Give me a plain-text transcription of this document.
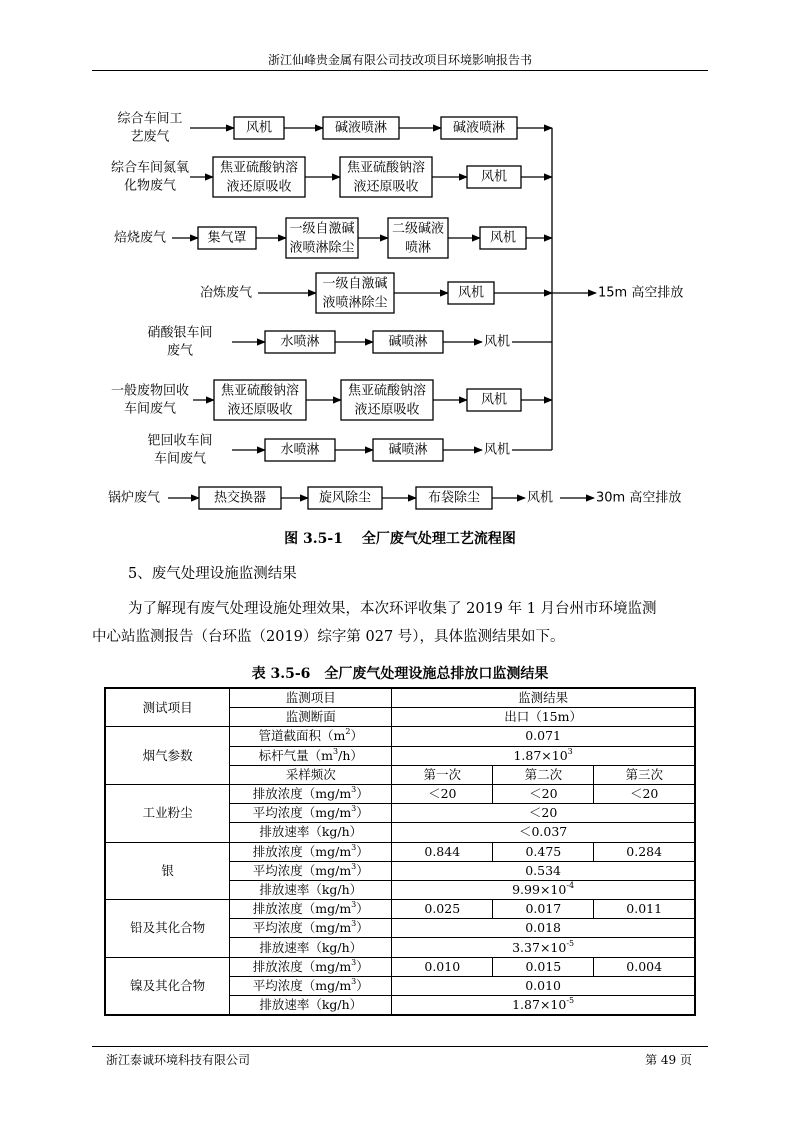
浙江仙峰贵金属有限公司技改项目环境影响报告书
综合车间工
艺废气
风机	碱液喷淋	碱液喷淋
综合车间氮氧
化物废气
焦亚硫酸钠溶
液还原吸收
焦亚硫酸钠溶
液还原吸收
风机
焙烧废气	集气罩
一级自激碱
液喷淋除尘
二级碱液
喷淋
风机
冶炼废气
一级自激碱
液喷淋除尘
风机
硝酸银车间
废气
水喷淋	碱喷淋	风机
一般废物回收
车间废气
焦亚硫酸钠溶
液还原吸收
焦亚硫酸钠溶
液还原吸收
风机
钯回收车间
车间废气
水喷淋	碱喷淋	风机
锅炉废气	热交换器	旋风除尘	布袋除尘	风机
15m 高空排放
30m 高空排放
图 3.5-1　 全厂废气处理工艺流程图
5、废气处理设施监测结果
为了解现有废气处理设施处理效果，本次环评收集了 2019 年 1 月台州市环境监测
中心站监测报告（台环监（2019）综字第 027 号），具体监测结果如下。
表 3.5-6　全厂废气处理设施总排放口监测结果
测试项目	监测项目	监测结果		
	监测断面	出口（15m）		
烟气参数	管道截面积$(m^2)$	0.071		
	标杆气量$(m^3/h)$	$1.87\times 10^3$
	采样频次	第一次	第二次	第三次
工业粉尘	排放浓度$(mg/m^3)$	＜20	＜20	＜20
	平均浓度$(mg/m^3)$	＜20		
	排放速率（kg/h）	＜0.037		
银	排放浓度$(mg/m^3)$	0.844	0.475	0.284
	平均浓度$(mg/m^3)$	0.534		
	排放速率（kg/h）	$9.99\times 10^{-4}$
铅及其化合物	排放浓度$(mg/m^3)$	0.025	0.017	0.011
	平均浓度$(mg/m^3)$	0.018		
	排放速率（kg/h）	$3.37\times 10^{-5}$
镍及其化合物	排放浓度$(mg/m^3)$	0.010	0.015	0.004
	平均浓度$(mg/m^3)$	0.010		
	排放速率（kg/h）	$1.87\times 10^{-5}$
浙江泰诚环境科技有限公司	第 49 页
